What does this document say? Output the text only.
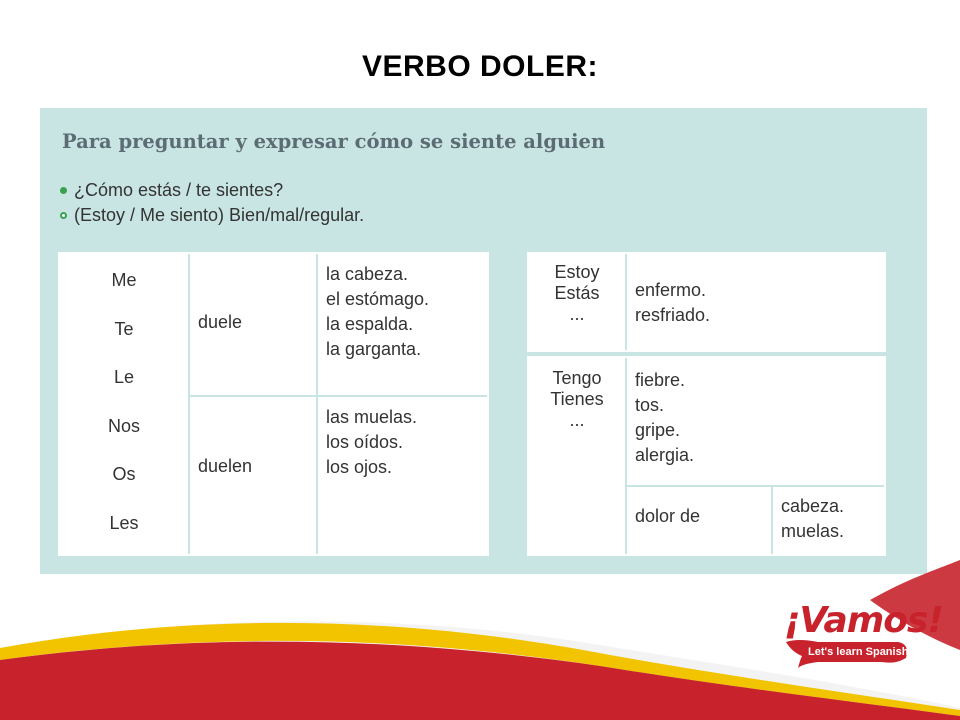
VERBO DOLER:
Para preguntar y expresar cómo se siente alguien
¿Cómo estás / te sientes?
(Estoy / Me siento) Bien/mal/regular.
Me
Te
Le
Nos
Os
Les
duele
duelen
la cabeza.
el estómago.
la espalda.
la garganta.
las muelas.
los oídos.
los ojos.
Estoy
Estás
...
enfermo.
resfriado.
Tengo
Tienes
...
fiebre.
tos.
gripe.
alergia.
dolor de	cabeza.
muelas.
¡Vamos!
Let's learn Spanish
